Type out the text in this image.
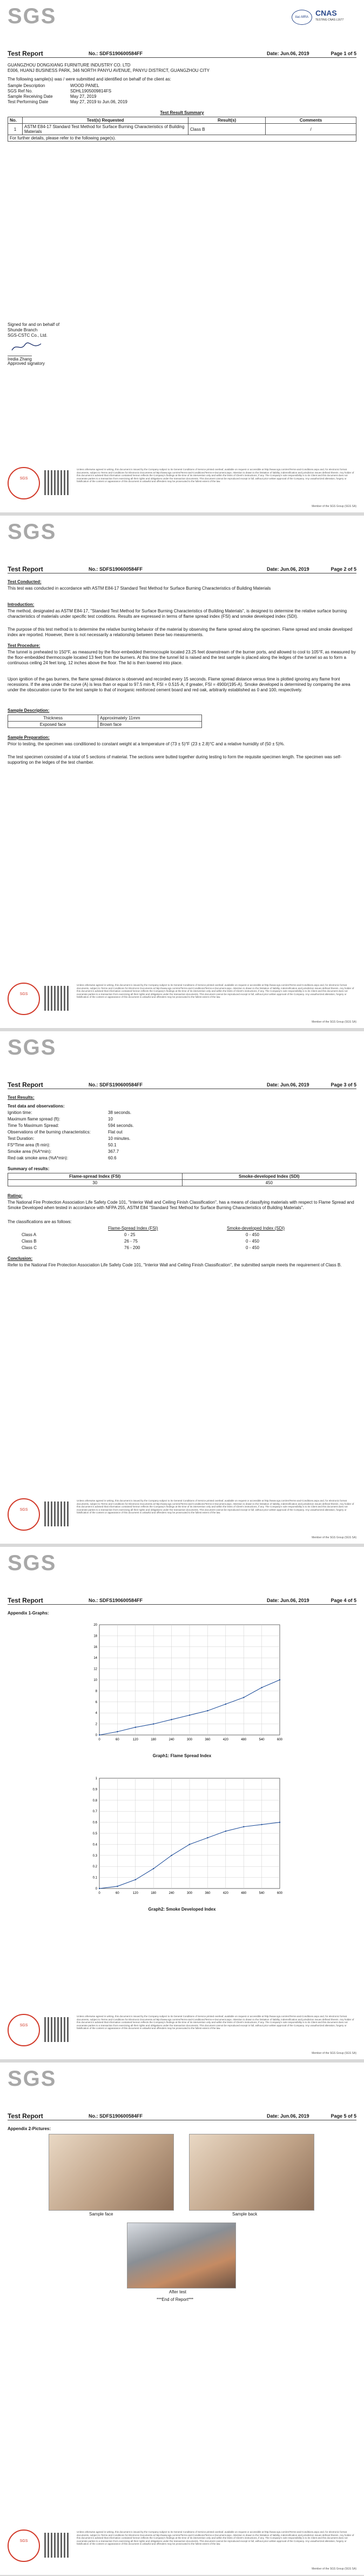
SGS	ilac-MRA CNAS
TESTING CNAS L1677
Test Report	No.: SDFS190600584FF	Date: Jun.06, 2019	Page 1 of 5
GUANGZHOU DONGXIANG FURNITURE INDUSTRY CO. LTD
E006, HUANJ BUSINESS PARK, 346 NORTH PANYU AVENUE, PANYU DISTRICT, GUANGZHOU CITY
The following sample(s) was / were submitted and identified on behalf of the client as:
Sample Description	WOOD PANEL
SGS Ref No.	SDHL1905009814FS
Sample Receiving Date	May 27, 2019
Test Performing Date	May 27, 2019 to Jun.06, 2019
Test Result Summary
No.	Test(s) Requested	Result(s)	Comments
1	ASTM E84-17 Standard Test Method for Surface Burning Characteristics of Building Materials	Class B	/
For further details, please refer to the following page(s).			
Signed for and on behalf of
Shunde Branch
SGS-CSTC Co., Ltd.
Iredia Zhang
Approved signatory
SGS
Unless otherwise agreed in writing, this document is issued by the Company subject to its General Conditions of Service printed overleaf, available on request or accessible at http://www.sgs.com/en/Terms-and-Conditions.aspx and, for electronic format documents, subject to Terms and Conditions for Electronic Documents at http://www.sgs.com/en/Terms-and-Conditions/Terms-e-Document.aspx. Attention is drawn to the limitation of liability, indemnification and jurisdiction issues defined therein. Any holder of this document is advised that information contained hereon reflects the Company's findings at the time of its intervention only and within the limits of Client's instructions, if any. The Company's sole responsibility is to its Client and this document does not exonerate parties to a transaction from exercising all their rights and obligations under the transaction documents. This document cannot be reproduced except in full, without prior written approval of the Company. Any unauthorized alteration, forgery or falsification of the content or appearance of this document is unlawful and offenders may be prosecuted to the fullest extent of the law.
Member of the SGS Group (SGS SA)
SGS
Test Report	No.: SDFS190600584FF	Date: Jun.06, 2019	Page 2 of 5
Test Conducted:
This test was conducted in accordance with ASTM E84-17 Standard Test Method for Surface Burning Characteristics of Building Materials
Introduction:
The method, designated as ASTM E84-17, "Standard Test Method for Surface Burning Characteristics of Building Materials", is designed to determine the relative surface burning characteristics of materials under specific test conditions. Results are expressed in terms of flame spread index (FSI) and smoke developed index (SDI).
The purpose of this test method is to determine the relative burning behavior of the material by observing the flame spread along the specimen. Flame spread and smoke developed index are reported. However, there is not necessarily a relationship between these two measurements.
Test Procedure:
The tunnel is preheated to 150°F, as measured by the floor-embedded thermocouple located 23.25 feet downstream of the burner ports, and allowed to cool to 105°F, as measured by the floor-embedded thermocouple located 13 feet from the burners. At this time the tunnel lid is raised and the test sample is placed along the ledges of the tunnel so as to form a continuous ceiling 24 feet long, 12 inches above the floor. The lid is then lowered into place.
Upon ignition of the gas burners, the flame spread distance is observed and recorded every 15 seconds. Flame spread distance versus time is plotted ignoring any flame front recessions. If the area under the curve (A) is less than or equal to 97.5 min·ft, FSI = 0.515·A; if greater, FSI = 4900/(195-A). Smoke developed is determined by comparing the area under the obscuration curve for the test sample to that of inorganic reinforced cement board and red oak, arbitrarily established as 0 and 100, respectively.
Sample Description:
Thickness	Approximately 11mm
Exposed face	Brown face
Sample Preparation:
Prior to testing, the specimen was conditioned to constant weight at a temperature of (73 ± 5)°F (23 ± 2.8)°C and a relative humidity of (50 ± 5)%.
The test specimen consisted of a total of 5 sections of material. The sections were butted together during testing to form the requisite specimen length. The specimen was self-supporting on the ledges of the test chamber.
SGS
Unless otherwise agreed in writing, this document is issued by the Company subject to its General Conditions of Service printed overleaf, available on request or accessible at http://www.sgs.com/en/Terms-and-Conditions.aspx and, for electronic format documents, subject to Terms and Conditions for Electronic Documents at http://www.sgs.com/en/Terms-and-Conditions/Terms-e-Document.aspx. Attention is drawn to the limitation of liability, indemnification and jurisdiction issues defined therein. Any holder of this document is advised that information contained hereon reflects the Company's findings at the time of its intervention only and within the limits of Client's instructions, if any. The Company's sole responsibility is to its Client and this document does not exonerate parties to a transaction from exercising all their rights and obligations under the transaction documents. This document cannot be reproduced except in full, without prior written approval of the Company. Any unauthorized alteration, forgery or falsification of the content or appearance of this document is unlawful and offenders may be prosecuted to the fullest extent of the law.
Member of the SGS Group (SGS SA)
SGS
Test Report	No.: SDFS190600584FF	Date: Jun.06, 2019	Page 3 of 5
Test Results:
Test data and observations:
Ignition time:	38 seconds.
Maximum flame spread (ft):	10
Time To Maximum Spread:	594 seconds.
Observations of the burning characteristics:	Flat out
Test Duration:	10 minutes.
FS*Time area (ft·min):	50.1
Smoke area (%A*min):	367.7
Red oak smoke area (%A*min):	60.6
Summary of results:
Flame-spread Index (FSI)	Smoke-developed Index (SDI)
30	450
Rating:
The National Fire Protection Association Life Safety Code 101, "Interior Wall and Ceiling Finish Classification", has a means of classifying materials with respect to Flame Spread and Smoke Developed when tested in accordance with NFPA 255, ASTM E84 "Standard Test Method for Surface Burning Characteristics of Building Materials".
The classifications are as follows:
Flame-Spread Index (FSI)	Smoke-developed Index (SDI)
Class A	0 - 25	0 - 450
Class B	26 - 75	0 - 450
Class C	76 - 200	0 - 450
Conclusion:
Refer to the National Fire Protection Association Life Safety Code 101, "Interior Wall and Ceiling Finish Classification", the submitted sample meets the requirement of Class B.
SGS
Unless otherwise agreed in writing, this document is issued by the Company subject to its General Conditions of Service printed overleaf, available on request or accessible at http://www.sgs.com/en/Terms-and-Conditions.aspx and, for electronic format documents, subject to Terms and Conditions for Electronic Documents at http://www.sgs.com/en/Terms-and-Conditions/Terms-e-Document.aspx. Attention is drawn to the limitation of liability, indemnification and jurisdiction issues defined therein. Any holder of this document is advised that information contained hereon reflects the Company's findings at the time of its intervention only and within the limits of Client's instructions, if any. The Company's sole responsibility is to its Client and this document does not exonerate parties to a transaction from exercising all their rights and obligations under the transaction documents. This document cannot be reproduced except in full, without prior written approval of the Company. Any unauthorized alteration, forgery or falsification of the content or appearance of this document is unlawful and offenders may be prosecuted to the fullest extent of the law.
Member of the SGS Group (SGS SA)
SGS
Test Report	No.: SDFS190600584FF	Date: Jun.06, 2019	Page 4 of 5
Appendix 1-Graphs:
0	60	120	180	240	300	360	420	480	540	600
0
2
4
6
8
10
12
14
16
18
20
Graph1: Flame Spread Index
0	60	120	180	240	300	360	420	480	540	600
0
0.1
0.2
0.3
0.4
0.5
0.6
0.7
0.8
0.9
1
Graph2: Smoke Developed Index
SGS
Unless otherwise agreed in writing, this document is issued by the Company subject to its General Conditions of Service printed overleaf, available on request or accessible at http://www.sgs.com/en/Terms-and-Conditions.aspx and, for electronic format documents, subject to Terms and Conditions for Electronic Documents at http://www.sgs.com/en/Terms-and-Conditions/Terms-e-Document.aspx. Attention is drawn to the limitation of liability, indemnification and jurisdiction issues defined therein. Any holder of this document is advised that information contained hereon reflects the Company's findings at the time of its intervention only and within the limits of Client's instructions, if any. The Company's sole responsibility is to its Client and this document does not exonerate parties to a transaction from exercising all their rights and obligations under the transaction documents. This document cannot be reproduced except in full, without prior written approval of the Company. Any unauthorized alteration, forgery or falsification of the content or appearance of this document is unlawful and offenders may be prosecuted to the fullest extent of the law.
Member of the SGS Group (SGS SA)
SGS
Test Report	No.: SDFS190600584FF	Date: Jun.06, 2019	Page 5 of 5
Appendix 2-Pictures:
Sample face	Sample back
After test
***End of Report***
SGS
Unless otherwise agreed in writing, this document is issued by the Company subject to its General Conditions of Service printed overleaf, available on request or accessible at http://www.sgs.com/en/Terms-and-Conditions.aspx and, for electronic format documents, subject to Terms and Conditions for Electronic Documents at http://www.sgs.com/en/Terms-and-Conditions/Terms-e-Document.aspx. Attention is drawn to the limitation of liability, indemnification and jurisdiction issues defined therein. Any holder of this document is advised that information contained hereon reflects the Company's findings at the time of its intervention only and within the limits of Client's instructions, if any. The Company's sole responsibility is to its Client and this document does not exonerate parties to a transaction from exercising all their rights and obligations under the transaction documents. This document cannot be reproduced except in full, without prior written approval of the Company. Any unauthorized alteration, forgery or falsification of the content or appearance of this document is unlawful and offenders may be prosecuted to the fullest extent of the law.
Member of the SGS Group (SGS SA)
